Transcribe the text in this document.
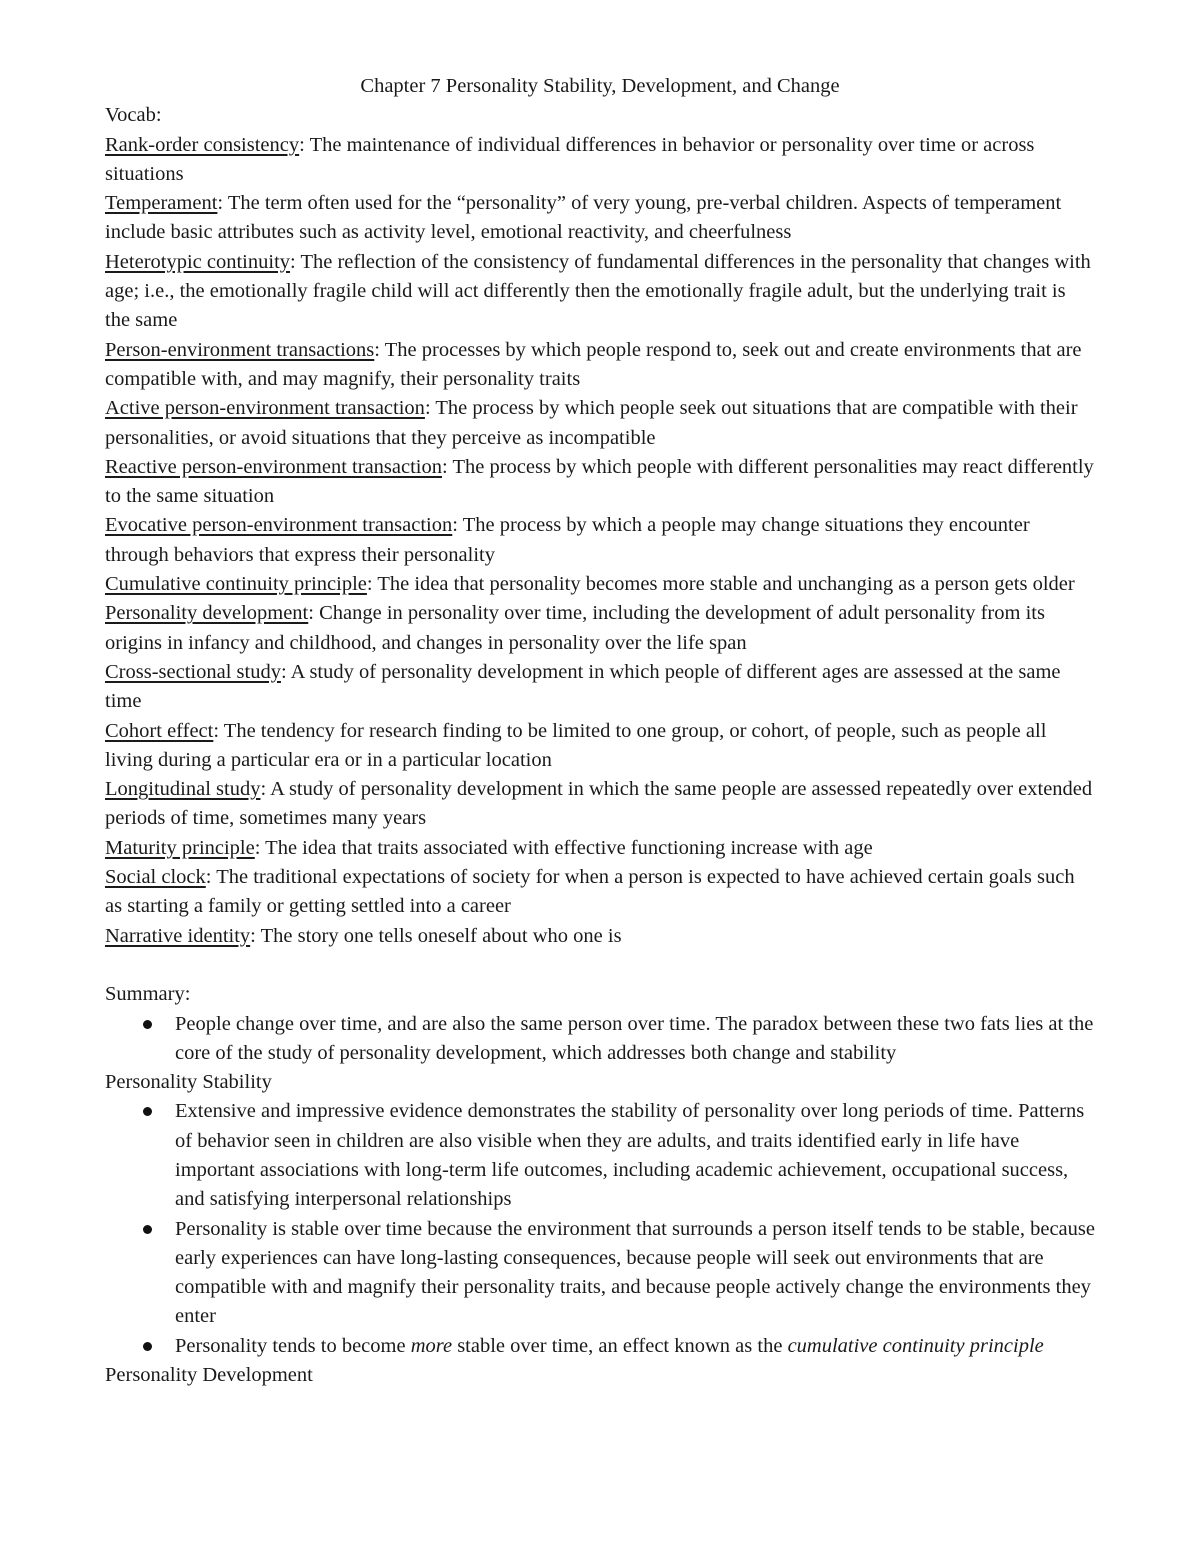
Chapter 7 Personality Stability, Development, and Change

Vocab:

Rank-order consistency: The maintenance of individual differences in behavior or personality over time or across situations

Temperament: The term often used for the “personality” of very young, pre-verbal children. Aspects of temperament include basic attributes such as activity level, emotional reactivity, and cheerfulness

Heterotypic continuity: The reflection of the consistency of fundamental differences in the personality that changes with age; i.e., the emotionally fragile child will act differently then the emotionally fragile adult, but the underlying trait is the same

Person-environment transactions: The processes by which people respond to, seek out and create environments that are compatible with, and may magnify, their personality traits

Active person-environment transaction: The process by which people seek out situations that are compatible with their personalities, or avoid situations that they perceive as incompatible

Reactive person-environment transaction: The process by which people with different personalities may react differently to the same situation

Evocative person-environment transaction: The process by which a people may change situations they encounter through behaviors that express their personality

Cumulative continuity principle: The idea that personality becomes more stable and unchanging as a person gets older

Personality development: Change in personality over time, including the development of adult personality from its origins in infancy and childhood, and changes in personality over the life span

Cross-sectional study: A study of personality development in which people of different ages are assessed at the same time

Cohort effect: The tendency for research finding to be limited to one group, or cohort, of people, such as people all living during a particular era or in a particular location

Longitudinal study: A study of personality development in which the same people are assessed repeatedly over extended periods of time, sometimes many years

Maturity principle: The idea that traits associated with effective functioning increase with age

Social clock: The traditional expectations of society for when a person is expected to have achieved certain goals such as starting a family or getting settled into a career

Narrative identity: The story one tells oneself about who one is

Summary:

People change over time, and are also the same person over time. The paradox between these two fats lies at the core of the study of personality development, which addresses both change and stability

Personality Stability

Extensive and impressive evidence demonstrates the stability of personality over long periods of time. Patterns of behavior seen in children are also visible when they are adults, and traits identified early in life have important associations with long-term life outcomes, including academic achievement, occupational success, and satisfying interpersonal relationships
Personality is stable over time because the environment that surrounds a person itself tends to be stable, because early experiences can have long-lasting consequences, because people will seek out environments that are compatible with and magnify their personality traits, and because people actively change the environments they enter
Personality tends to become more stable over time, an effect known as the cumulative continuity principle

Personality Development
